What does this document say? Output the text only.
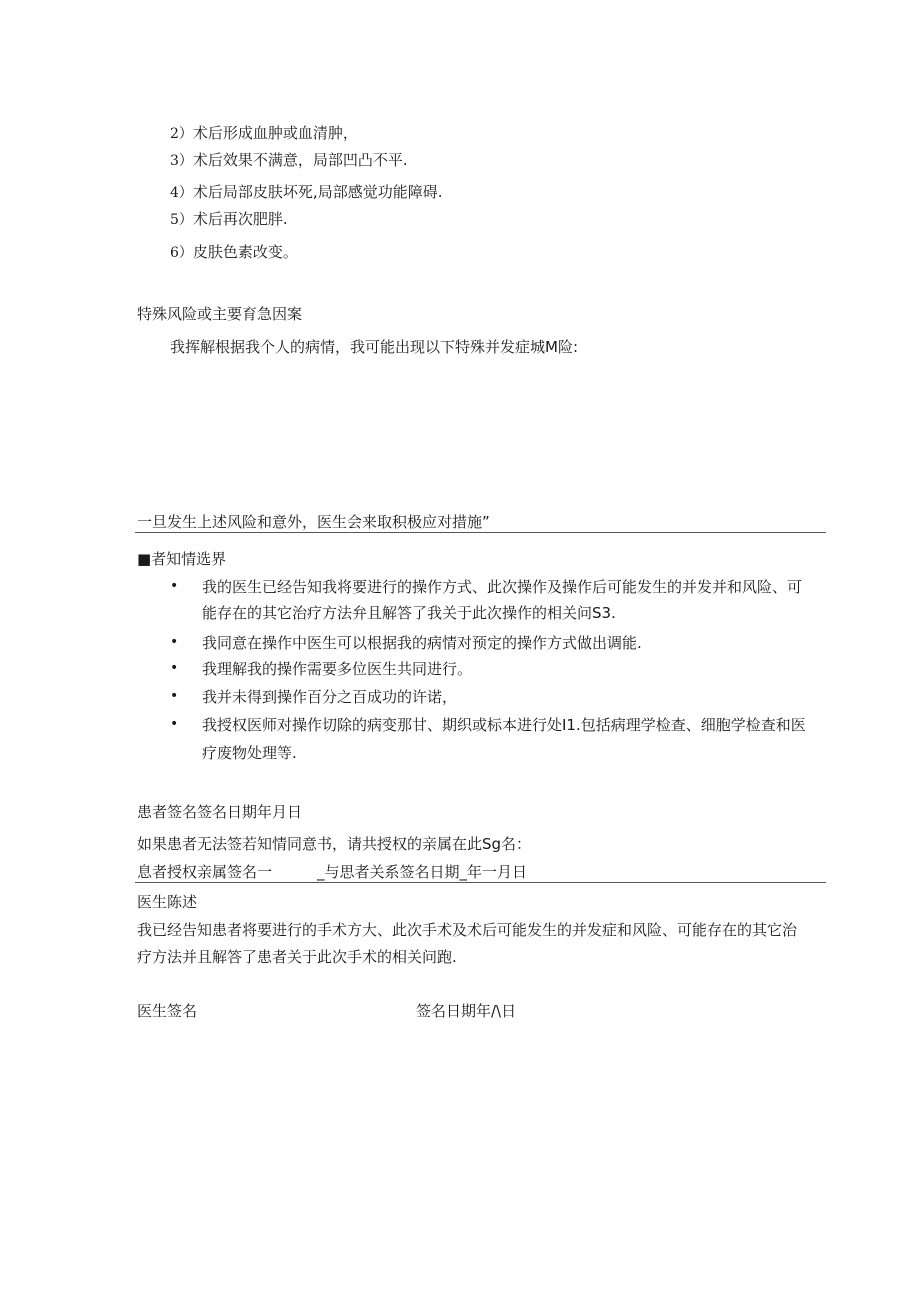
2）术后形成血肿或血清肿，
3）术后效果不满意，局部凹凸不平.
4）术后局部皮肤坏死,局部感觉功能障碍.
5）术后再次肥胖.
6）皮肤色素改变。
特殊风险或主要育急因案
我挥解根据我个人的病情，我可能出现以下特殊并发症城M险:
一旦发生上述风险和意外，医生会来取积极应对措施”
■者知情选界
• 我的医生已经告知我将要进行的操作方式、此次操作及操作后可能发生的并发并和风险、可
能存在的其它治疗方法弁且解答了我关于此次操作的相关问S3.
• 我同意在操作中医生可以根据我的病情对预定的操作方式做出调能.
• 我理解我的操作需要多位医生共同进行。
• 我并未得到操作百分之百成功的许诺，
• 我授权医师对操作切除的病变那甘、期织或标本进行处I1.包括病理学检查、细胞学检查和医
疗废物处理等.
患者签名签名日期年月日
如果患者无法签若知情同意书，请共授权的亲属在此Sg名：
息者授权亲属签名一　　　_与思者关系签名日期_年一月日
医生陈述
我已经告知患者将要进行的手术方大、此次手术及术后可能发生的并发症和风险、可能存在的其它治
疗方法并且解答了患者关于此次手术的相关问跑.
医生签名	签名日期年/\日
